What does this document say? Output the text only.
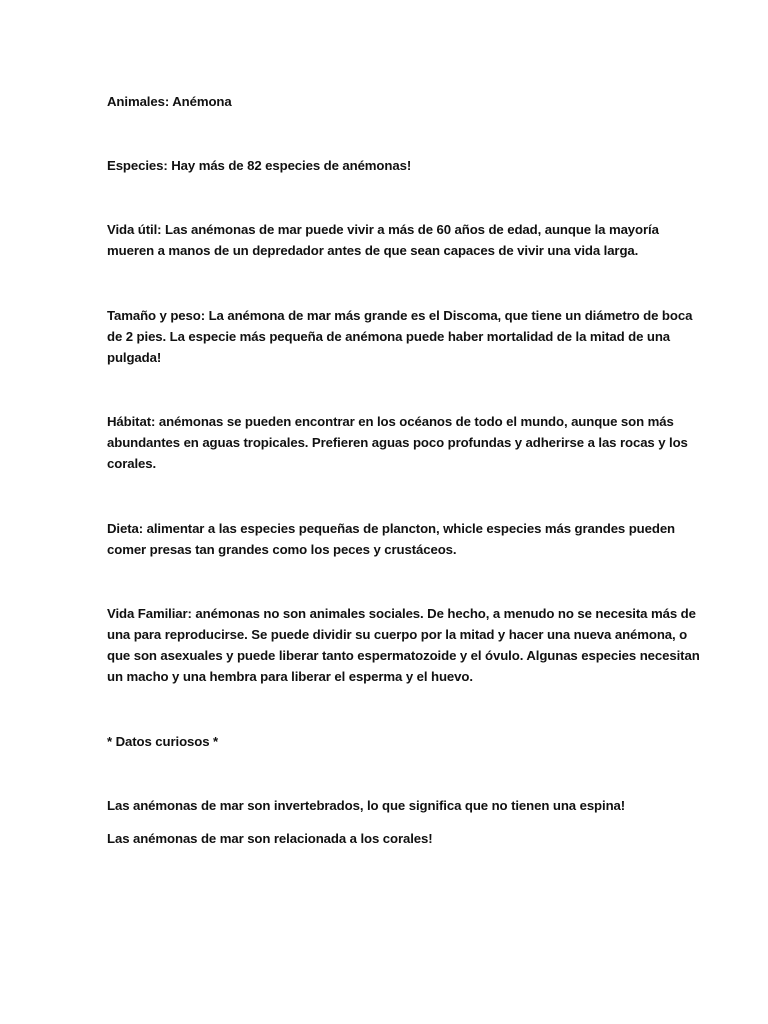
Animales: Anémona

Especies: Hay más de 82 especies de anémonas!

Vida útil: Las anémonas de mar puede vivir a más de 60 años de edad, aunque la mayoría
mueren a manos de un depredador antes de que sean capaces de vivir una vida larga.

Tamaño y peso: La anémona de mar más grande es el Discoma, que tiene un diámetro de boca
de 2 pies. La especie más pequeña de anémona puede haber mortalidad de la mitad de una
pulgada!

Hábitat: anémonas se pueden encontrar en los océanos de todo el mundo, aunque son más
abundantes en aguas tropicales. Prefieren aguas poco profundas y adherirse a las rocas y los
corales.

Dieta: alimentar a las especies pequeñas de plancton, whicle especies más grandes pueden
comer presas tan grandes como los peces y crustáceos.

Vida Familiar: anémonas no son animales sociales. De hecho, a menudo no se necesita más de
una para reproducirse. Se puede dividir su cuerpo por la mitad y hacer una nueva anémona, o
que son asexuales y puede liberar tanto espermatozoide y el óvulo. Algunas especies necesitan
un macho y una hembra para liberar el esperma y el huevo.

* Datos curiosos *

Las anémonas de mar son invertebrados, lo que significa que no tienen una espina!

Las anémonas de mar son relacionada a los corales!
